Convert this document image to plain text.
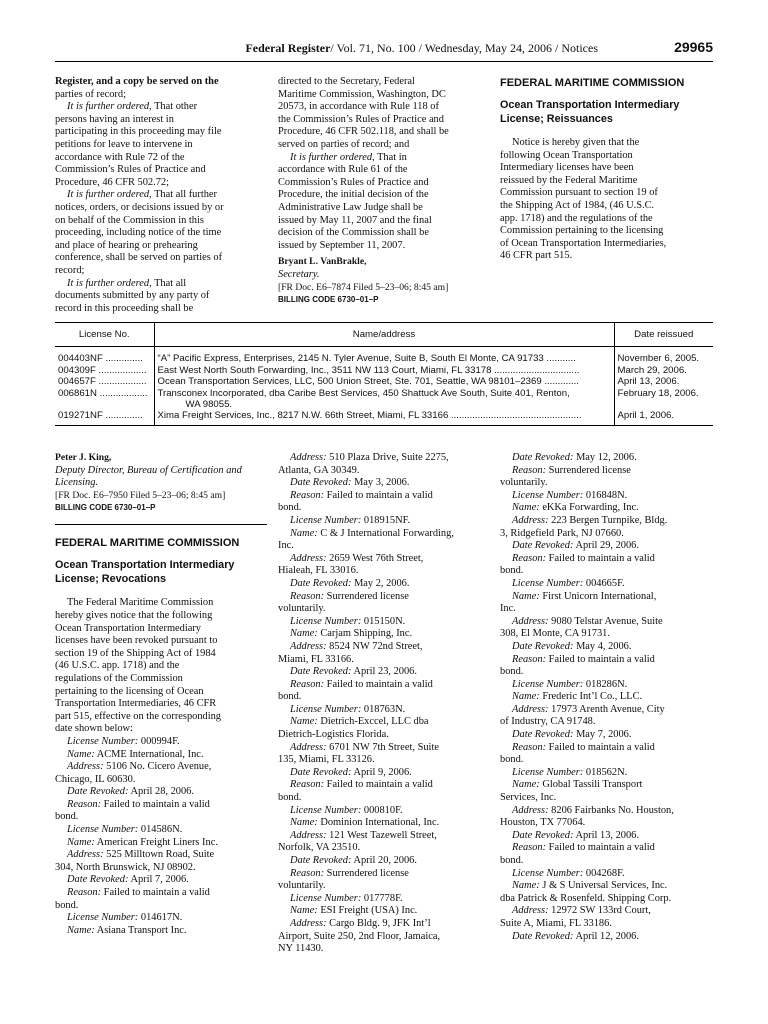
Federal Register/ Vol. 71, No. 100 / Wednesday, May 24, 2006 / Notices	29965
Register, and a copy be served on the
parties of record;
It is further ordered, That other
persons having an interest in
participating in this proceeding may file
petitions for leave to intervene in
accordance with Rule 72 of the
Commission’s Rules of Practice and
Procedure, 46 CFR 502.72;
It is further ordered, That all further
notices, orders, or decisions issued by or
on behalf of the Commission in this
proceeding, including notice of the time
and place of hearing or prehearing
conference, shall be served on parties of
record;
It is further ordered, That all
documents submitted by any party of
record in this proceeding shall be
directed to the Secretary, Federal
Maritime Commission, Washington, DC
20573, in accordance with Rule 118 of
the Commission’s Rules of Practice and
Procedure, 46 CFR 502.118, and shall be
served on parties of record; and
It is further ordered, That in
accordance with Rule 61 of the
Commission’s Rules of Practice and
Procedure, the initial decision of the
Administrative Law Judge shall be
issued by May 11, 2007 and the final
decision of the Commission shall be
issued by September 11, 2007.
Bryant L. VanBrakle,
Secretary.
[FR Doc. E6–7874 Filed 5–23–06; 8:45 am]
BILLING CODE 6730–01–P
FEDERAL MARITIME COMMISSION
Ocean Transportation Intermediary
License; Reissuances
Notice is hereby given that the
following Ocean Transportation
Intermediary licenses have been
reissued by the Federal Maritime
Commission pursuant to section 19 of
the Shipping Act of 1984, (46 U.S.C.
app. 1718) and the regulations of the
Commission pertaining to the licensing
of Ocean Transportation Intermediaries,
46 CFR part 515.
License No.	Name/address	Date reissued
004403NF ..............	“A” Pacific Express, Enterprises, 2145 N. Tyler Avenue, Suite B, South El Monte, CA 91733 ...........	November 6, 2005.
004309F ..................	East West North South Forwarding, Inc., 3511 NW 113 Court, Miami, FL 33178 ................................	March 29, 2006.
004657F ..................	Ocean Transportation Services, LLC, 500 Union Street, Ste. 701, Seattle, WA 98101–2369 .............	April 13, 2006.
006861N ..................	Transconex Incorporated, dba Caribe Best Services, 450 Shattuck Ave South, Suite 401, Renton,
WA 98055.	February 18, 2006.
019271NF ..............	Xima Freight Services, Inc., 8217 N.W. 66th Street, Miami, FL 33166 .................................................	April 1, 2006.
Peter J. King,
Deputy Director, Bureau of Certification and
Licensing.
[FR Doc. E6–7950 Filed 5–23–06; 8:45 am]
BILLING CODE 6730–01–P
FEDERAL MARITIME COMMISSION
Ocean Transportation Intermediary
License; Revocations
The Federal Maritime Commission
hereby gives notice that the following
Ocean Transportation Intermediary
licenses have been revoked pursuant to
section 19 of the Shipping Act of 1984
(46 U.S.C. app. 1718) and the
regulations of the Commission
pertaining to the licensing of Ocean
Transportation Intermediaries, 46 CFR
part 515, effective on the corresponding
date shown below:
License Number: 000994F.
Name: ACME International, Inc.
Address: 5106 No. Cicero Avenue,
Chicago, IL 60630.
Date Revoked: April 28, 2006.
Reason: Failed to maintain a valid
bond.
License Number: 014586N.
Name: American Freight Liners Inc.
Address: 525 Milltown Road, Suite
304, North Brunswick, NJ 08902.
Date Revoked: April 7, 2006.
Reason: Failed to maintain a valid
bond.
License Number: 014617N.
Name: Asiana Transport Inc.
Address: 510 Plaza Drive, Suite 2275,
Atlanta, GA 30349.
Date Revoked: May 3, 2006.
Reason: Failed to maintain a valid
bond.
License Number: 018915NF.
Name: C & J International Forwarding,
Inc.
Address: 2659 West 76th Street,
Hialeah, FL 33016.
Date Revoked: May 2, 2006.
Reason: Surrendered license
voluntarily.
License Number: 015150N.
Name: Carjam Shipping, Inc.
Address: 8524 NW 72nd Street,
Miami, FL 33166.
Date Revoked: April 23, 2006.
Reason: Failed to maintain a valid
bond.
License Number: 018763N.
Name: Dietrich-Exccel, LLC dba
Dietrich-Logistics Florida.
Address: 6701 NW 7th Street, Suite
135, Miami, FL 33126.
Date Revoked: April 9, 2006.
Reason: Failed to maintain a valid
bond.
License Number: 000810F.
Name: Dominion International, Inc.
Address: 121 West Tazewell Street,
Norfolk, VA 23510.
Date Revoked: April 20, 2006.
Reason: Surrendered license
voluntarily.
License Number: 017778F.
Name: ESI Freight (USA) Inc.
Address: Cargo Bldg. 9, JFK Int’l
Airport, Suite 250, 2nd Floor, Jamaica,
NY 11430.
Date Revoked: May 12, 2006.
Reason: Surrendered license
voluntarily.
License Number: 016848N.
Name: eKKa Forwarding, Inc.
Address: 223 Bergen Turnpike, Bldg.
3, Ridgefield Park, NJ 07660.
Date Revoked: April 29, 2006.
Reason: Failed to maintain a valid
bond.
License Number: 004665F.
Name: First Unicorn International,
Inc.
Address: 9080 Telstar Avenue, Suite
308, El Monte, CA 91731.
Date Revoked: May 4, 2006.
Reason: Failed to maintain a valid
bond.
License Number: 018286N.
Name: Frederic Int’l Co., LLC.
Address: 17973 Arenth Avenue, City
of Industry, CA 91748.
Date Revoked: May 7, 2006.
Reason: Failed to maintain a valid
bond.
License Number: 018562N.
Name: Global Tassili Transport
Services, Inc.
Address: 8206 Fairbanks No. Houston,
Houston, TX 77064.
Date Revoked: April 13, 2006.
Reason: Failed to maintain a valid
bond.
License Number: 004268F.
Name: J & S Universal Services, Inc.
dba Patrick & Rosenfeld. Shipping Corp.
Address: 12972 SW 133rd Court,
Suite A, Miami, FL 33186.
Date Revoked: April 12, 2006.
